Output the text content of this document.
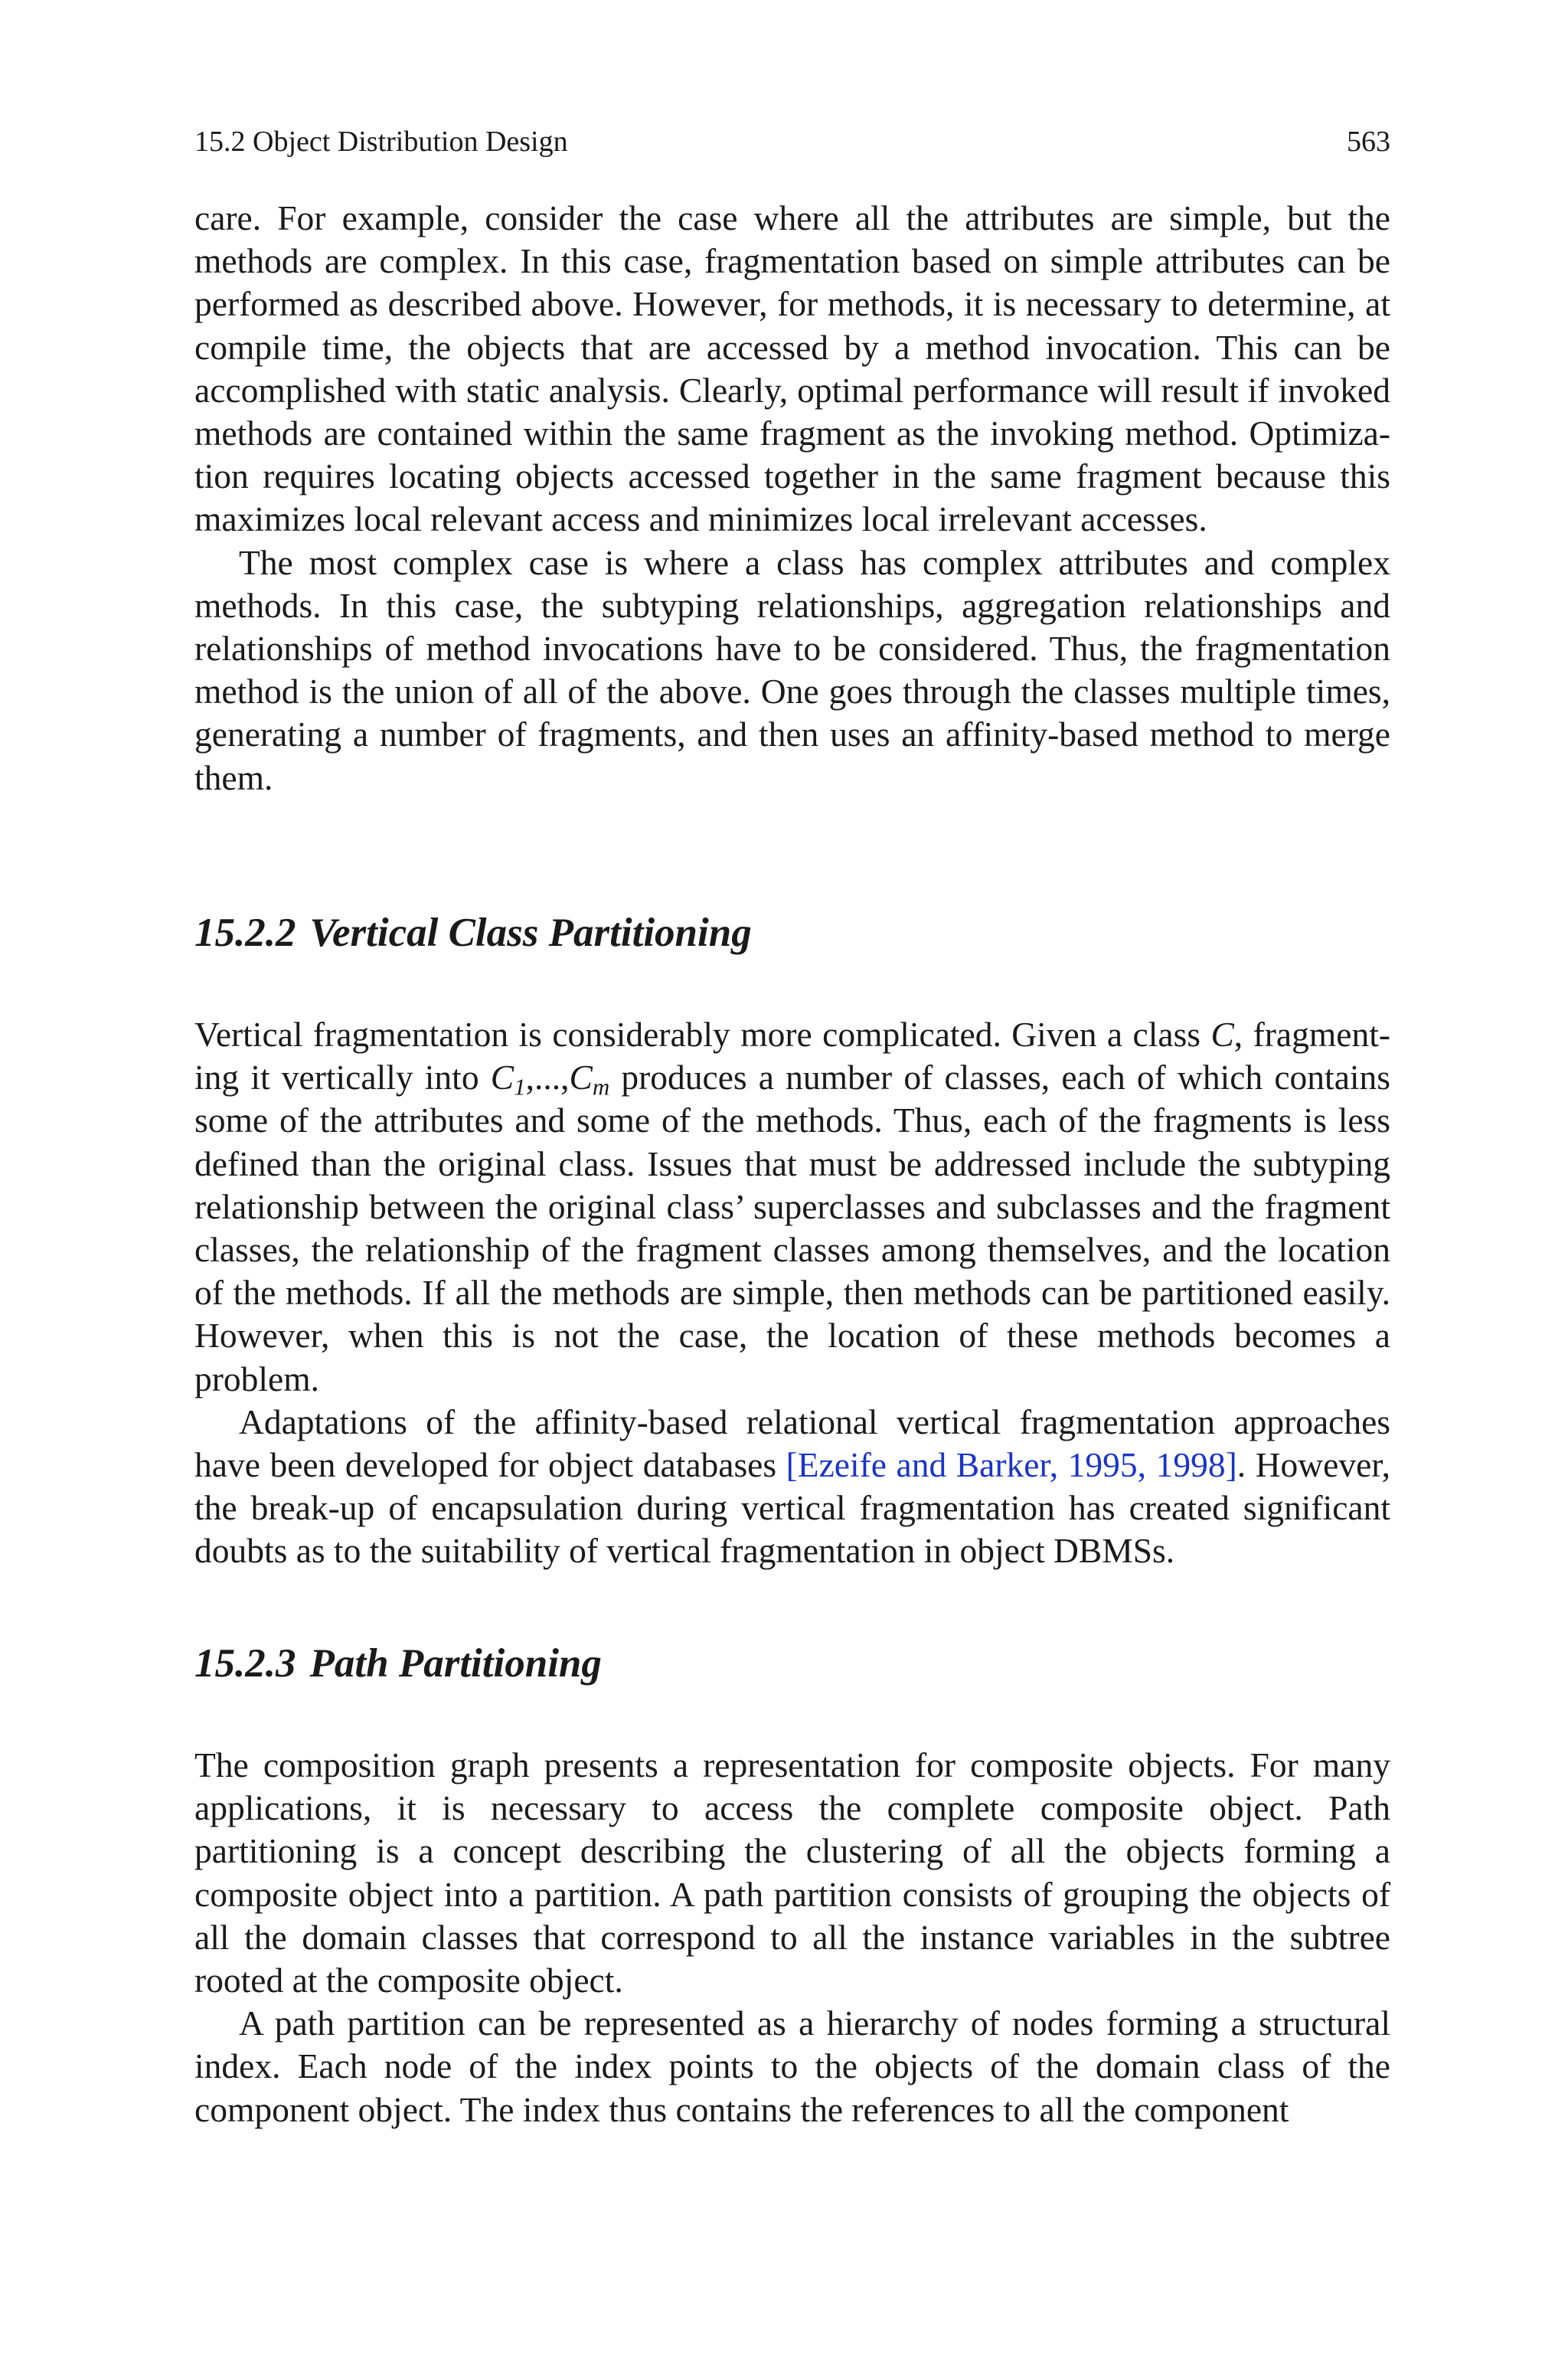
15.2 Object Distribution Design	563

care. For example, consider the case where all the attributes are simple, but the methods are complex. In this case, fragmentation based on simple attributes can be performed as described above. However, for methods, it is necessary to determine, at compile time, the objects that are accessed by a method invocation. This can be accomplished with static analysis. Clearly, optimal performance will result if invoked methods are contained within the same fragment as the invoking method. Optimization requires locating objects accessed together in the same fragment because this maximizes local relevant access and minimizes local irrelevant accesses.

The most complex case is where a class has complex attributes and complex methods. In this case, the subtyping relationships, aggregation relationships and relationships of method invocations have to be considered. Thus, the fragmentation method is the union of all of the above. One goes through the classes multiple times, generating a number of fragments, and then uses an affinity-based method to merge them.

15.2.2 Vertical Class Partitioning

Vertical fragmentation is considerably more complicated. Given a class C, fragmenting it vertically into $C_1,...,C_m$ produces a number of classes, each of which contains some of the attributes and some of the methods. Thus, each of the fragments is less defined than the original class. Issues that must be addressed include the subtyping relationship between the original class’ superclasses and subclasses and the fragment classes, the relationship of the fragment classes among themselves, and the location of the methods. If all the methods are simple, then methods can be partitioned easily. However, when this is not the case, the location of these methods becomes a problem.

Adaptations of the affinity-based relational vertical fragmentation approaches have been developed for object databases [Ezeife and Barker, 1995, 1998]. However, the break-up of encapsulation during vertical fragmentation has created significant doubts as to the suitability of vertical fragmentation in object DBMSs.

15.2.3 Path Partitioning

The composition graph presents a representation for composite objects. For many applications, it is necessary to access the complete composite object. Path partitioning is a concept describing the clustering of all the objects forming a composite object into a partition. A path partition consists of grouping the objects of all the domain classes that correspond to all the instance variables in the subtree rooted at the composite object.

A path partition can be represented as a hierarchy of nodes forming a structural index. Each node of the index points to the objects of the domain class of the component object. The index thus contains the references to all the component
